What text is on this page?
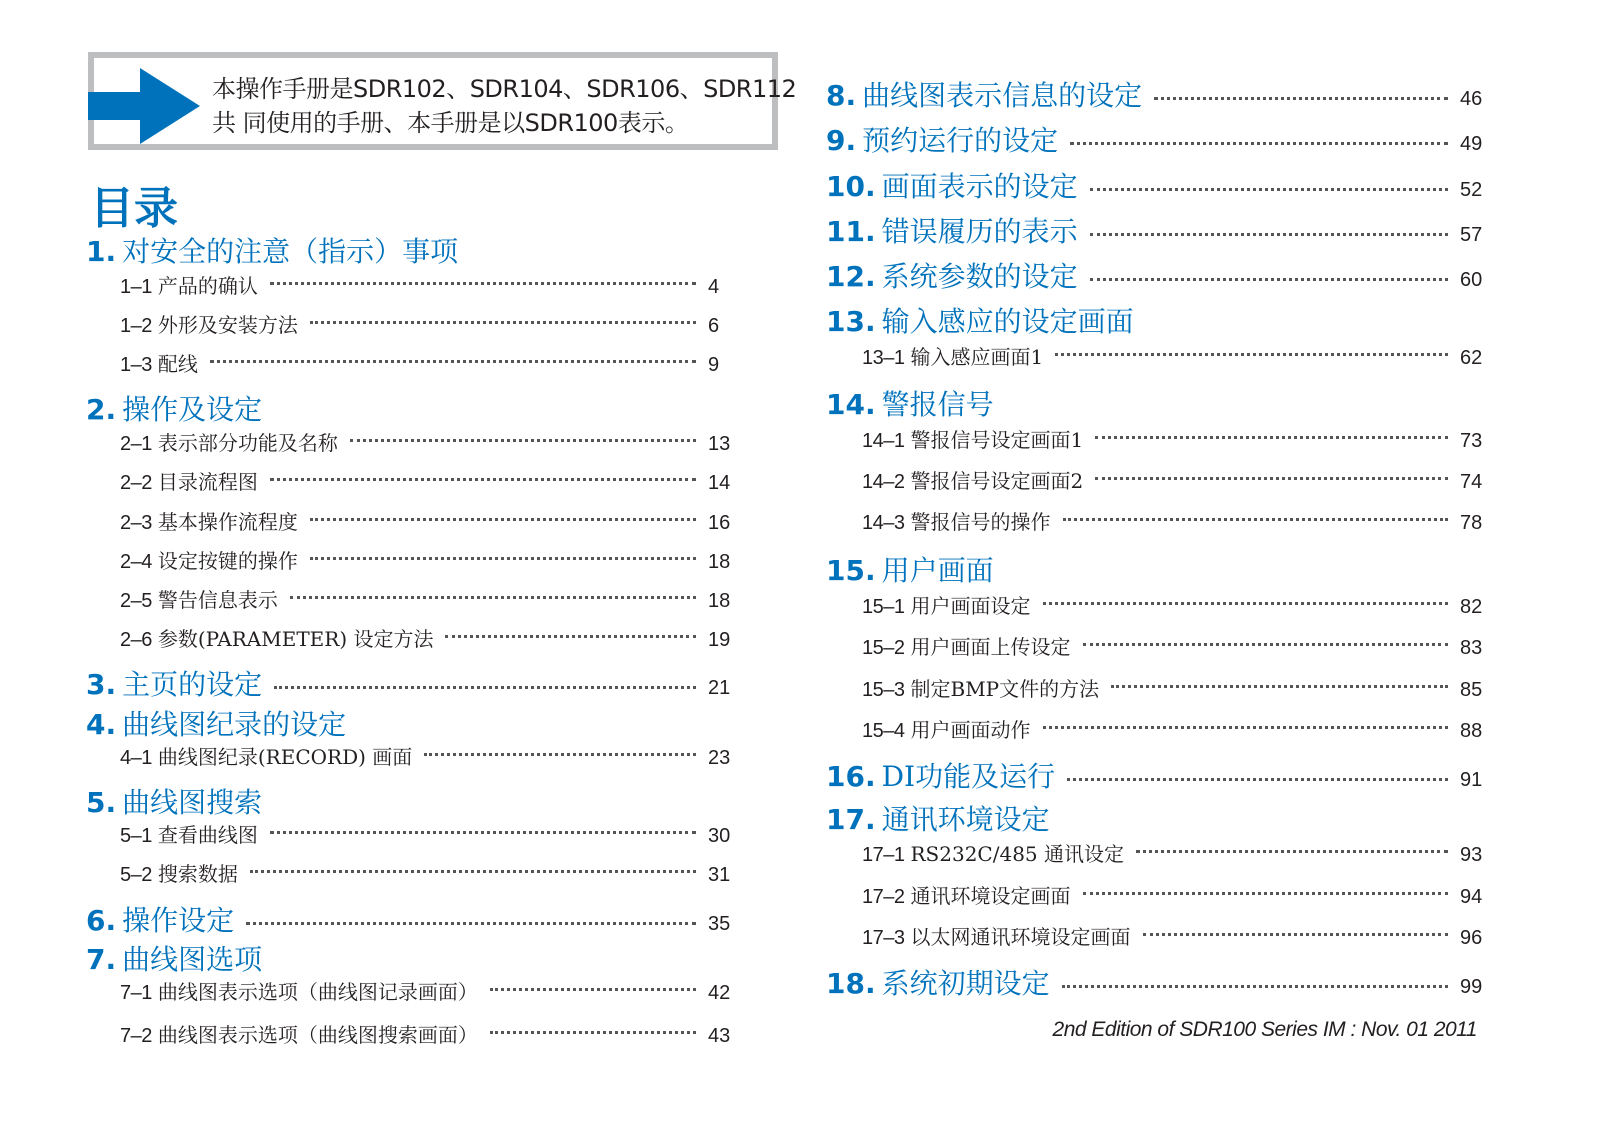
本操作手册是SDR102、SDR104、SDR106、SDR112
共 同使用的手册、本手册是以SDR100表示。
目录
1. 对安全的注意（指示）事项
1–1 产品的确认	4
1–2 外形及安装方法	6
1–3 配线	9
2. 操作及设定
2–1 表示部分功能及名称	13
2–2 目录流程图	14
2–3 基本操作流程度	16
2–4 设定按键的操作	18
2–5 警告信息表示	18
2–6 参数(PARAMETER) 设定方法	19
3. 主页的设定	21
4. 曲线图纪录的设定
4–1 曲线图纪录(RECORD) 画面	23
5. 曲线图搜索
5–1 查看曲线图	30
5–2 搜索数据	31
6. 操作设定	35
7. 曲线图选项
7–1 曲线图表示选项（曲线图记录画面）	42
7–2 曲线图表示选项（曲线图搜索画面）	43
8. 曲线图表示信息的设定	46
9. 预约运行的设定	49
10. 画面表示的设定	52
11. 错误履历的表示	57
12. 系统参数的设定	60
13. 输入感应的设定画面
13–1 输入感应画面1	62
14. 警报信号
14–1 警报信号设定画面1	73
14–2 警报信号设定画面2	74
14–3 警报信号的操作	78
15. 用户画面
15–1 用户画面设定	82
15–2 用户画面上传设定	83
15–3 制定BMP文件的方法	85
15–4 用户画面动作	88
16. DI功能及运行	91
17. 通讯环境设定
17–1 RS232C/485 通讯设定	93
17–2 通讯环境设定画面	94
17–3 以太网通讯环境设定画面	96
18. 系统初期设定	99
2nd Edition of SDR100 Series IM : Nov. 01 2011
